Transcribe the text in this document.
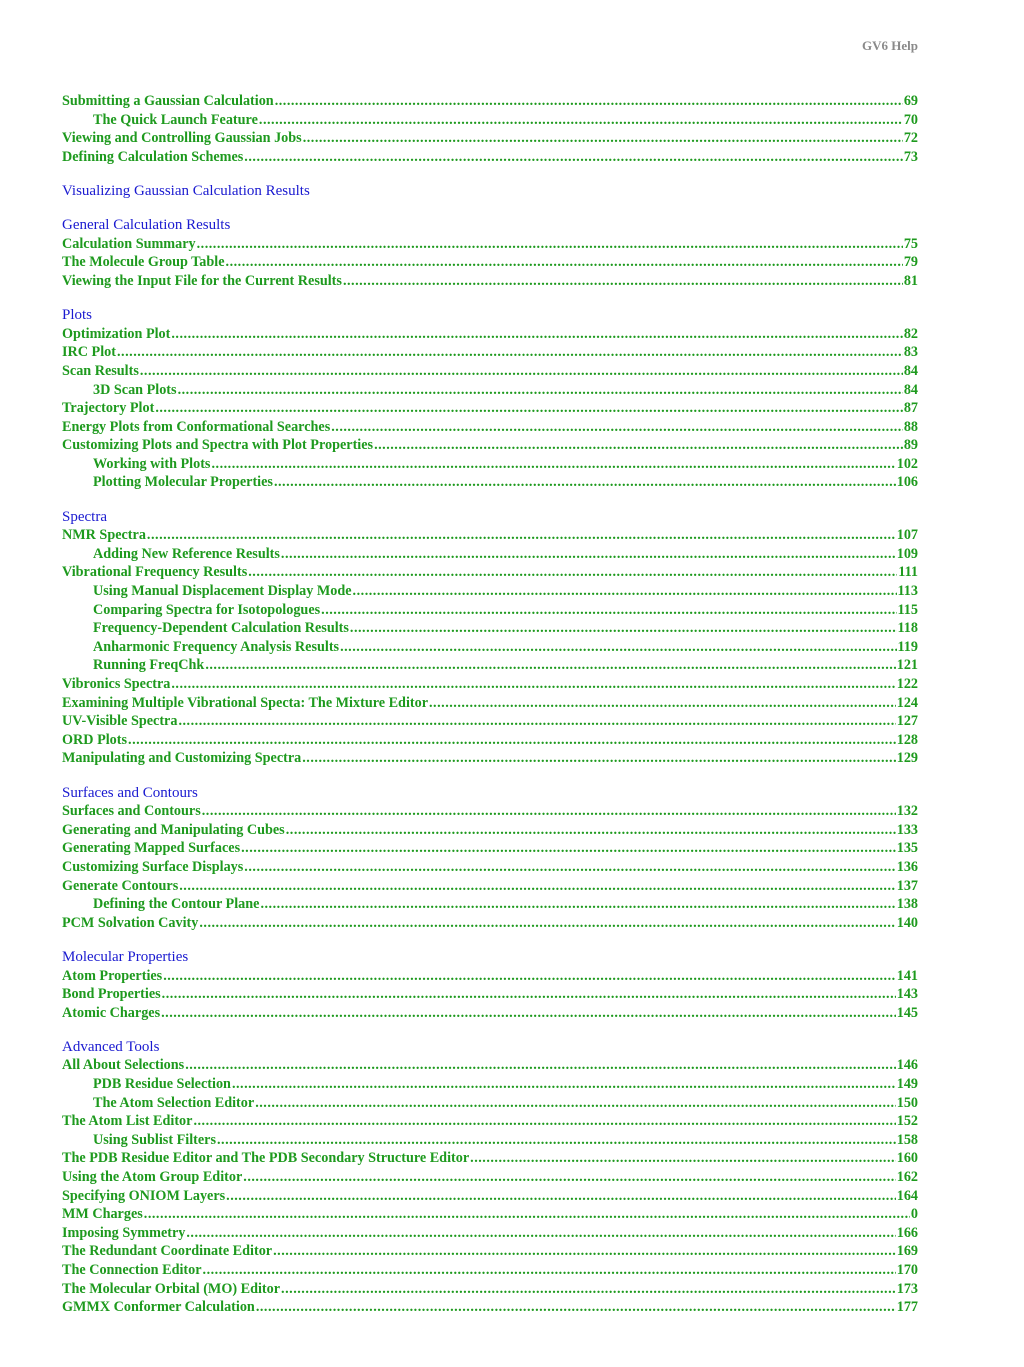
GV6 Help
Submitting a Gaussian Calculation .....	69
The Quick Launch Feature .....	70
Viewing and Controlling Gaussian Jobs .....	72
Defining Calculation Schemes .....	73
Visualizing Gaussian Calculation Results
General Calculation Results
Calculation Summary .....	75
The Molecule Group Table .....	79
Viewing the Input File for the Current Results .....	81
Plots
Optimization Plot .....	82
IRC Plot .....	83
Scan Results .....	84
3D Scan Plots .....	84
Trajectory Plot .....	87
Energy Plots from Conformational Searches .....	88
Customizing Plots and Spectra with Plot Properties .....	89
Working with Plots .....	102
Plotting Molecular Properties .....	106
Spectra
NMR Spectra .....	107
Adding New Reference Results .....	109
Vibrational Frequency Results .....	111
Using Manual Displacement Display Mode .....	113
Comparing Spectra for Isotopologues .....	115
Frequency-Dependent Calculation Results .....	118
Anharmonic Frequency Analysis Results .....	119
Running FreqChk .....	121
Vibronics Spectra .....	122
Examining Multiple Vibrational Specta: The Mixture Editor .....	124
UV-Visible Spectra .....	127
ORD Plots .....	128
Manipulating and Customizing Spectra .....	129
Surfaces and Contours
Surfaces and Contours .....	132
Generating and Manipulating Cubes .....	133
Generating Mapped Surfaces .....	135
Customizing Surface Displays .....	136
Generate Contours .....	137
Defining the Contour Plane .....	138
PCM Solvation Cavity .....	140
Molecular Properties
Atom Properties .....	141
Bond Properties .....	143
Atomic Charges .....	145
Advanced Tools
All About Selections .....	146
PDB Residue Selection .....	149
The Atom Selection Editor .....	150
The Atom List Editor .....	152
Using Sublist Filters .....	158
The PDB Residue Editor and The PDB Secondary Structure Editor .....	160
Using the Atom Group Editor .....	162
Specifying ONIOM Layers .....	164
MM Charges .....	0
Imposing Symmetry .....	166
The Redundant Coordinate Editor .....	169
The Connection Editor .....	170
The Molecular Orbital (MO) Editor .....	173
GMMX Conformer Calculation .....	177
